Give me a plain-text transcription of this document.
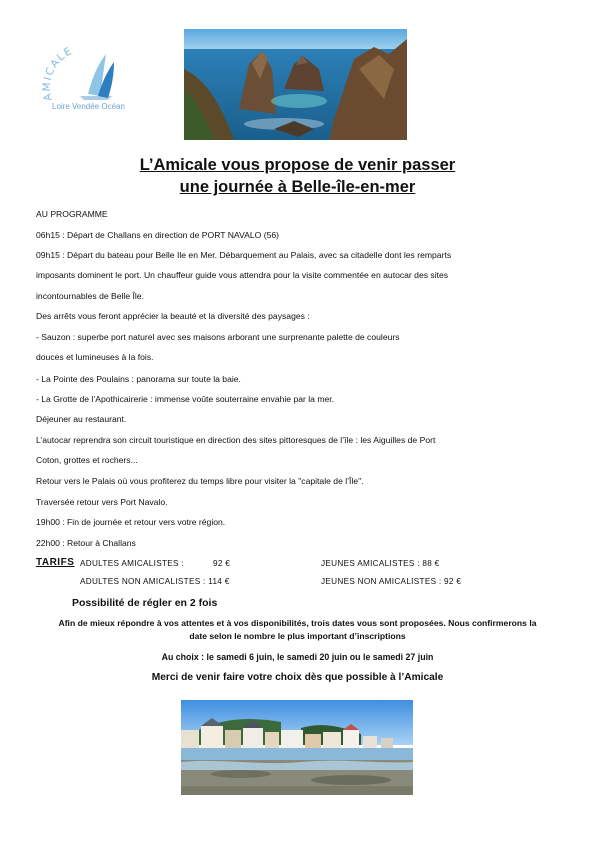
AMICALE
Loire Vendée Océan
L’Amicale vous propose de venir passer
une journée à Belle-île-en-mer
AU PROGRAMME
06h15 : Départ de Challans en direction de PORT NAVALO (56)
09h15 : Départ du bateau pour Belle Ile en Mer. Débarquement au Palais, avec sa citadelle dont les remparts
imposants dominent le port. Un chauffeur guide vous attendra pour la visite commentée en autocar des sites
incontournables de Belle Île.
Des arrêts vous feront apprécier la beauté et la diversité des paysages :
- Sauzon : superbe port naturel avec ses maisons arborant une surprenante palette de couleurs
douces et lumineuses à la fois.
- La Pointe des Poulains : panorama sur toute la baie.
- La Grotte de l’Apothicairerie : immense voûte souterraine envahie par la mer.
Déjeuner au restaurant.
L’autocar reprendra son circuit touristique en direction des sites pittoresques de l’île : les Aiguilles de Port
Coton, grottes et rochers...
Retour vers le Palais où vous profiterez du temps libre pour visiter la "capitale de l’Île".
Traversée retour vers Port Navalo.
19h00 : Fin de journée et retour vers votre région.
22h00 : Retour à Challans
TARIFS ADULTES AMICALISTES :	92 €	JEUNES AMICALISTES : 88 €
ADULTES NON AMICALISTES : 114 €	JEUNES NON AMICALISTES : 92 €
Possibilité de régler en 2 fois
Afin de mieux répondre à vos attentes et à vos disponibilités, trois dates vous sont proposées. Nous confirmerons la
date selon le nombre le plus important d’inscriptions
Au choix : le samedi 6 juin, le samedi 20 juin ou le samedi 27 juin
Merci de venir faire votre choix dès que possible à l’Amicale
